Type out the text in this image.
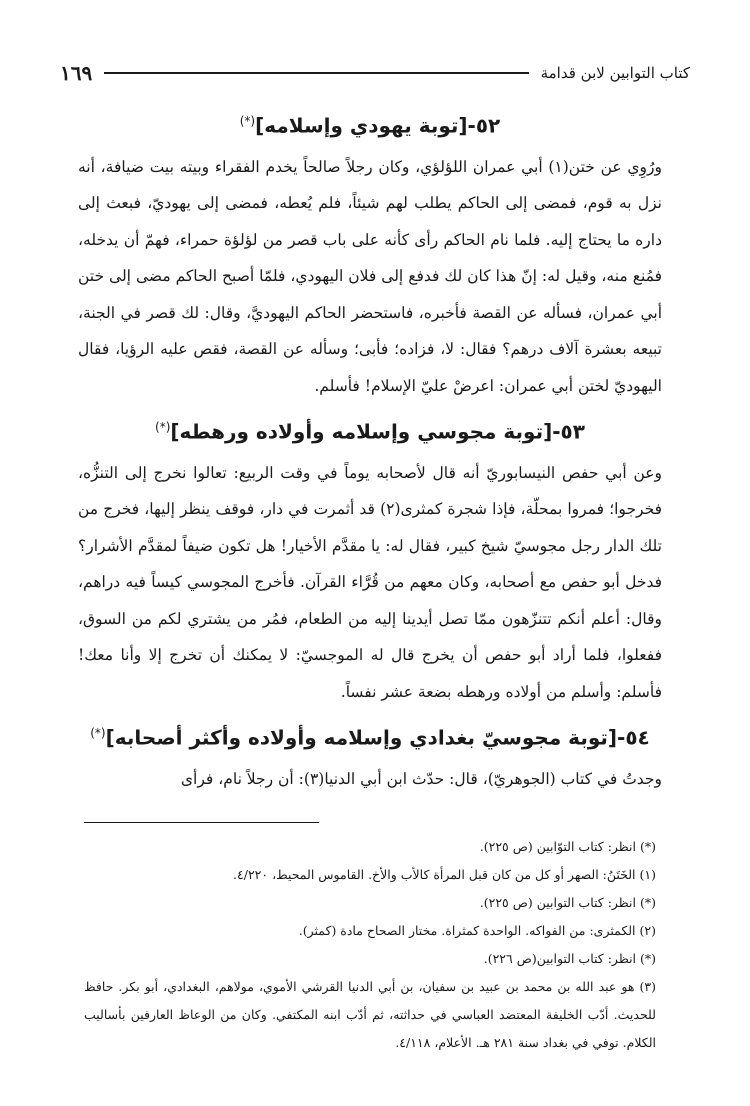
كتاب التوابين لابن قدامة
١٦٩
٥٢-[توبة يهودي وإسلامه](*)

ورُوِي عن ختن(١) أبي عمران اللؤلؤي، وكان رجلاً صالحاً يخدم الفقراء وبيته بيت ضيافة، أنه نزل به قوم، فمضى إلى الحاكم يطلب لهم شيئاً، فلم يُعطه، فمضى إلى يهوديّ، فبعث إلى داره ما يحتاج إليه. فلما نام الحاكم رأى كأنه على باب قصر من لؤلؤة حمراء، فهمّ أن يدخله، فمُنع منه، وقيل له: إنّ هذا كان لك فدفع إلى فلان اليهودي، فلمّا أصبح الحاكم مضى إلى ختن أبي عمران، فسأله عن القصة فأخبره، فاستحضر الحاكم اليهوديَّ، وقال: لك قصر في الجنة، تبيعه بعشرة آلاف درهم؟ فقال: لا، فزاده؛ فأبى؛ وسأله عن القصة، فقص عليه الرؤيا، فقال اليهوديّ لختن أبي عمران: اعرضْ عليّ الإسلام! فأسلم.

٥٣-[توبة مجوسي وإسلامه وأولاده ورهطه](*)

وعن أبي حفص النيسابوريّ أنه قال لأصحابه يوماً في وقت الربيع: تعالوا نخرج إلى التنزُّه، فخرجوا؛ فمروا بمحلّة، فإذا شجرة كمثرى(٢) قد أثمرت في دار، فوقف ينظر إليها، فخرج من تلك الدار رجل مجوسيّ شيخ كبير، فقال له: يا مقدَّم الأخيار! هل تكون ضيفاً لمقدَّم الأشرار؟ فدخل أبو حفص مع أصحابه، وكان معهم من قُرَّاء القرآن. فأخرج المجوسي كيساً فيه دراهم، وقال: أعلم أنكم تتنزّهون ممّا تصل أيدينا إليه من الطعام، فمُر من يشتري لكم من السوق، ففعلوا، فلما أراد أبو حفص أن يخرج قال له الموجسيّ: لا يمكنك أن تخرج إلا وأنا معك! فأسلم: وأسلم من أولاده ورهطه بضعة عشر نفساً.

٥٤-[توبة مجوسيّ بغدادي وإسلامه وأولاده وأكثر أصحابه](*)

وجدتُ في كتاب (الجوهريّ)، قال: حدّث ابن أبي الدنيا(٣): أن رجلاً نام، فرأى

(*) انظر: كتاب التوّابين (ص ٢٢٥).

(١) الخَتَنُ: الصهر أو كل من كان قبل المرأة كالأب والأخ. القاموس المحيط، ٤/٢٢٠.

(*) انظر: كتاب التوابين (ص ٢٢٥).

(٢) الكمثرى: من الفواكه. الواحدة كمثراة. مختار الصحاح مادة (كمثر).

(*) انظر: كتاب التوابين(ص ٢٢٦).

(٣) هو عبد الله بن محمد بن عبيد بن سفيان، بن أبي الدنيا القرشي الأموي، مولاهم، البغدادي، أبو بكر. حافظ للحديث. أدّب الخليفة المعتضد العباسي في حداثته، ثم أدّب ابنه المكتفي. وكان من الوعاظ العارفين بأساليب الكلام. توفي في بغداد سنة ٢٨١ هـ. الأعلام، ٤/١١٨.
